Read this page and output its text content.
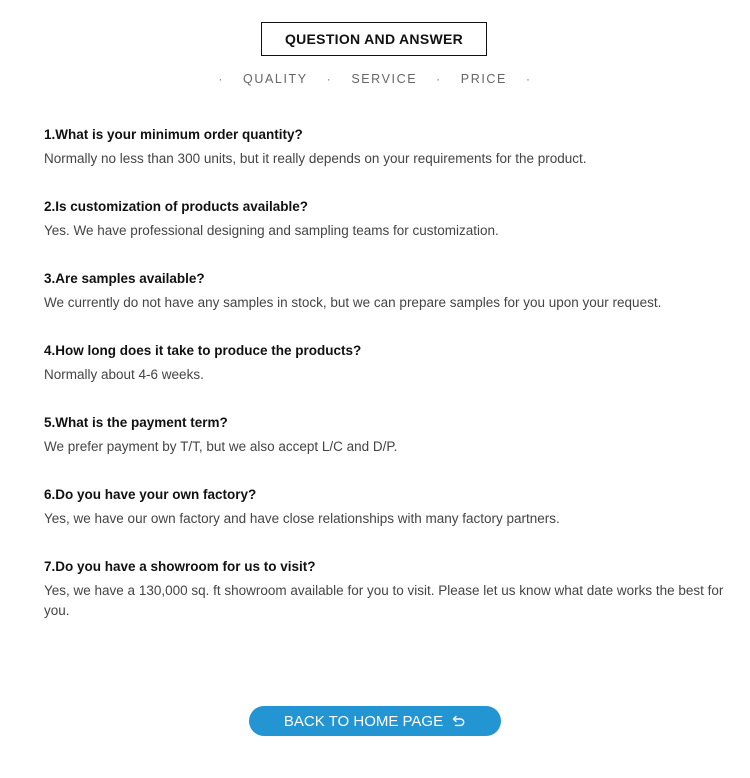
QUESTION AND ANSWER
· QUALITY · SERVICE · PRICE ·

1.What is your minimum order quantity?

Normally no less than 300 units, but it really depends on your requirements for the product.

2.Is customization of products available?

Yes. We have professional designing and sampling teams for customization.

3.Are samples available?

We currently do not have any samples in stock, but we can prepare samples for you upon your request.

4.How long does it take to produce the products?

Normally about 4-6 weeks.

5.What is the payment term?

We prefer payment by T/T, but we also accept L/C and D/P.

6.Do you have your own factory?

Yes, we have our own factory and have close relationships with many factory partners.

7.Do you have a showroom for us to visit?

Yes, we have a 130,000 sq. ft showroom available for you to visit. Please let us know what date works the best for you.

BACK TO HOME PAGE
